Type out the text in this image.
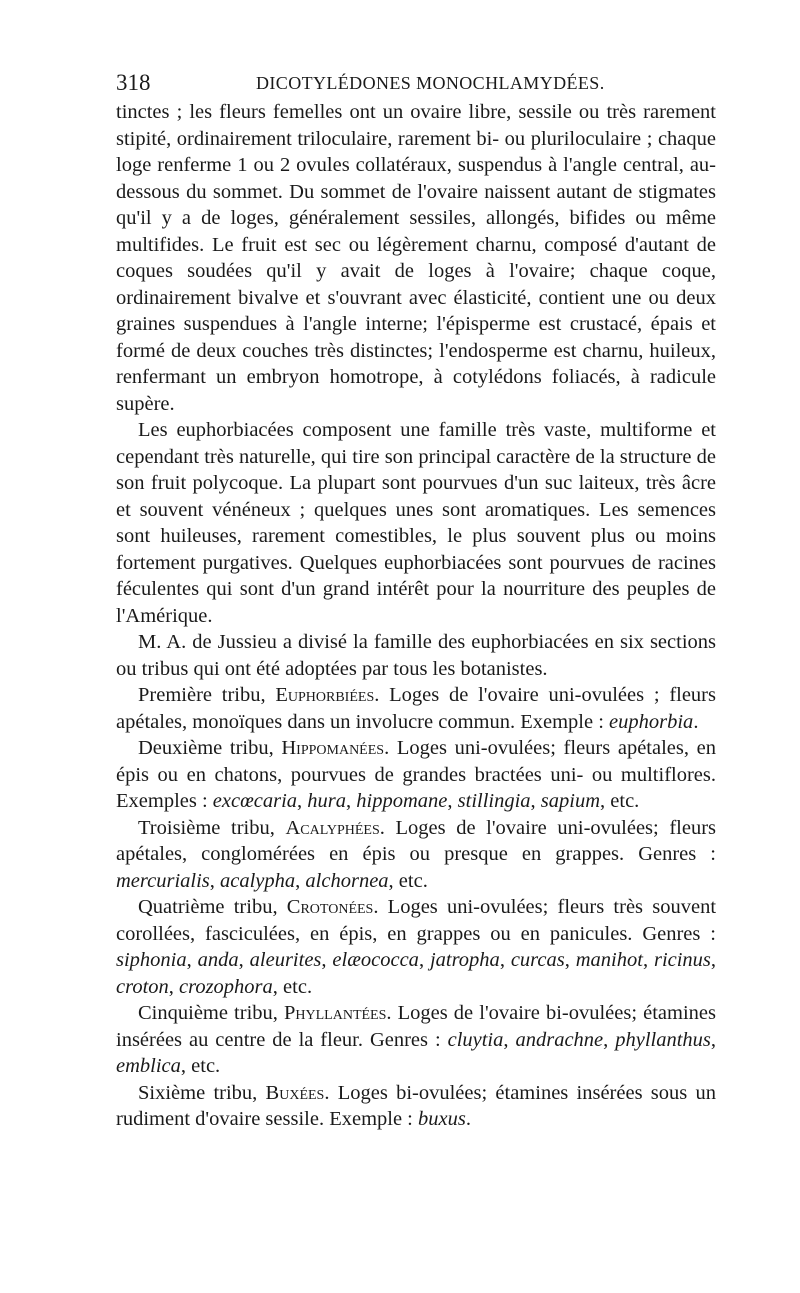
318	DICOTYLÉDONES MONOCHLAMYDÉES.

tinctes ; les fleurs femelles ont un ovaire libre, sessile ou très rarement stipité, ordinairement triloculaire, rarement bi- ou pluriloculaire ; chaque loge renferme 1 ou 2 ovules collatéraux, suspendus à l'angle central, au-dessous du sommet. Du sommet de l'ovaire naissent autant de stigmates qu'il y a de loges, généralement sessiles, allongés, bifides ou même multifides. Le fruit est sec ou légèrement charnu, composé d'autant de coques soudées qu'il y avait de loges à l'ovaire; chaque coque, ordinairement bivalve et s'ouvrant avec élasticité, contient une ou deux graines suspendues à l'angle interne; l'épisperme est crustacé, épais et formé de deux couches très distinctes; l'endosperme est charnu, huileux, renfermant un embryon homotrope, à cotylédons foliacés, à radicule supère.

Les euphorbiacées composent une famille très vaste, multiforme et cependant très naturelle, qui tire son principal caractère de la structure de son fruit polycoque. La plupart sont pourvues d'un suc laiteux, très âcre et souvent vénéneux ; quelques unes sont aromatiques. Les semences sont huileuses, rarement comestibles, le plus souvent plus ou moins fortement purgatives. Quelques euphorbiacées sont pourvues de racines féculentes qui sont d'un grand intérêt pour la nourriture des peuples de l'Amérique.

M. A. de Jussieu a divisé la famille des euphorbiacées en six sections ou tribus qui ont été adoptées par tous les botanistes.

Première tribu, Euphorbiées. Loges de l'ovaire uni-ovulées ; fleurs apétales, monoïques dans un involucre commun. Exemple : euphorbia.

Deuxième tribu, Hippomanées. Loges uni-ovulées; fleurs apétales, en épis ou en chatons, pourvues de grandes bractées uni- ou multiflores. Exemples : excœcaria, hura, hippomane, stillingia, sapium, etc.

Troisième tribu, Acalyphées. Loges de l'ovaire uni-ovulées; fleurs apétales, conglomérées en épis ou presque en grappes. Genres : mercurialis, acalypha, alchornea, etc.

Quatrième tribu, Crotonées. Loges uni-ovulées; fleurs très souvent corollées, fasciculées, en épis, en grappes ou en panicules. Genres : siphonia, anda, aleurites, elæococca, jatropha, curcas, manihot, ricinus, croton, crozophora, etc.

Cinquième tribu, Phyllantées. Loges de l'ovaire bi-ovulées; étamines insérées au centre de la fleur. Genres : cluytia, andrachne, phyllanthus, emblica, etc.

Sixième tribu, Buxées. Loges bi-ovulées; étamines insérées sous un rudiment d'ovaire sessile. Exemple : buxus.
